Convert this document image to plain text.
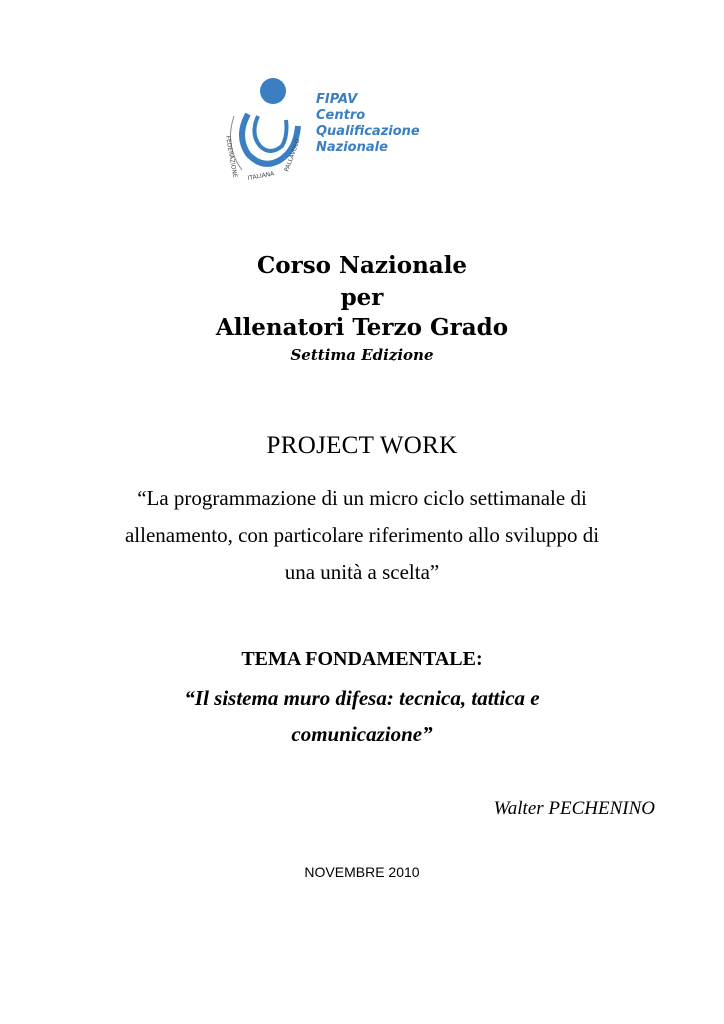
FEDERAZIONE ITALIANA
PALLAVOLO
FIPAV
Centro
Qualificazione
Nazionale
Corso Nazionale
per
Allenatori Terzo Grado
Settima Edizione
PROJECT WORK
“La programmazione di un micro ciclo settimanale di
allenamento, con particolare riferimento allo sviluppo di
una unità a scelta”
TEMA FONDAMENTALE:
“Il sistema muro difesa: tecnica, tattica e
comunicazione”
Walter PECHENINO
NOVEMBRE 2010
